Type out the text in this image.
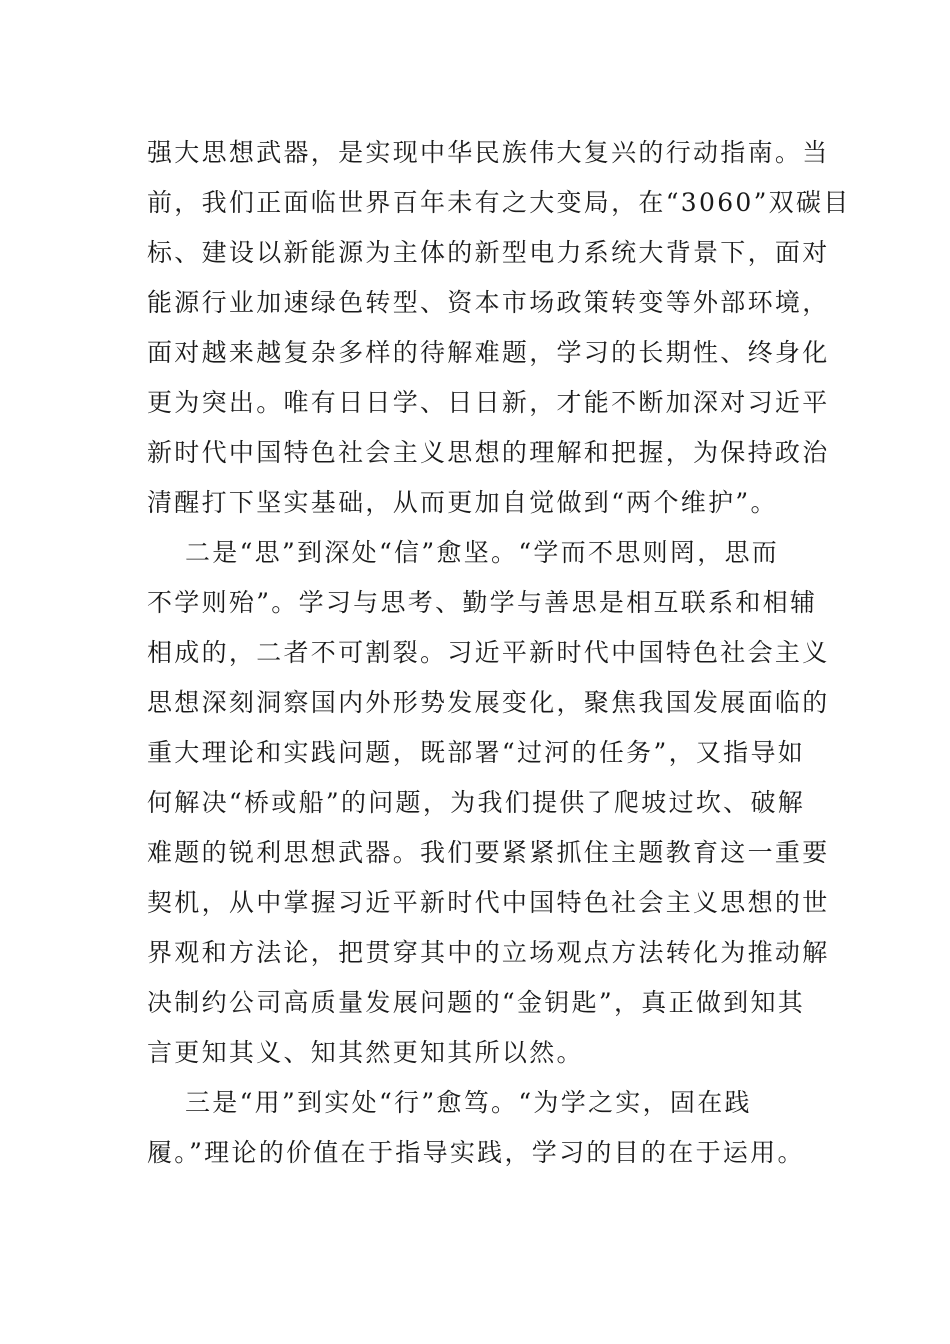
强大思想武器，是实现中华民族伟大复兴的行动指南。当
前，我们正面临世界百年未有之大变局，在“3060”双碳目
标、建设以新能源为主体的新型电力系统大背景下，面对
能源行业加速绿色转型、资本市场政策转变等外部环境，
面对越来越复杂多样的待解难题，学习的长期性、终身化
更为突出。唯有日日学、日日新，才能不断加深对习近平
新时代中国特色社会主义思想的理解和把握，为保持政治
清醒打下坚实基础，从而更加自觉做到“两个维护”。
二是“思”到深处“信”愈坚。“学而不思则罔，思而
不学则殆”。学习与思考、勤学与善思是相互联系和相辅
相成的，二者不可割裂。习近平新时代中国特色社会主义
思想深刻洞察国内外形势发展变化，聚焦我国发展面临的
重大理论和实践问题，既部署“过河的任务”，又指导如
何解决“桥或船”的问题，为我们提供了爬坡过坎、破解
难题的锐利思想武器。我们要紧紧抓住主题教育这一重要
契机，从中掌握习近平新时代中国特色社会主义思想的世
界观和方法论，把贯穿其中的立场观点方法转化为推动解
决制约公司高质量发展问题的“金钥匙”，真正做到知其
言更知其义、知其然更知其所以然。
三是“用”到实处“行”愈笃。“为学之实，固在践
履。”理论的价值在于指导实践，学习的目的在于运用。
